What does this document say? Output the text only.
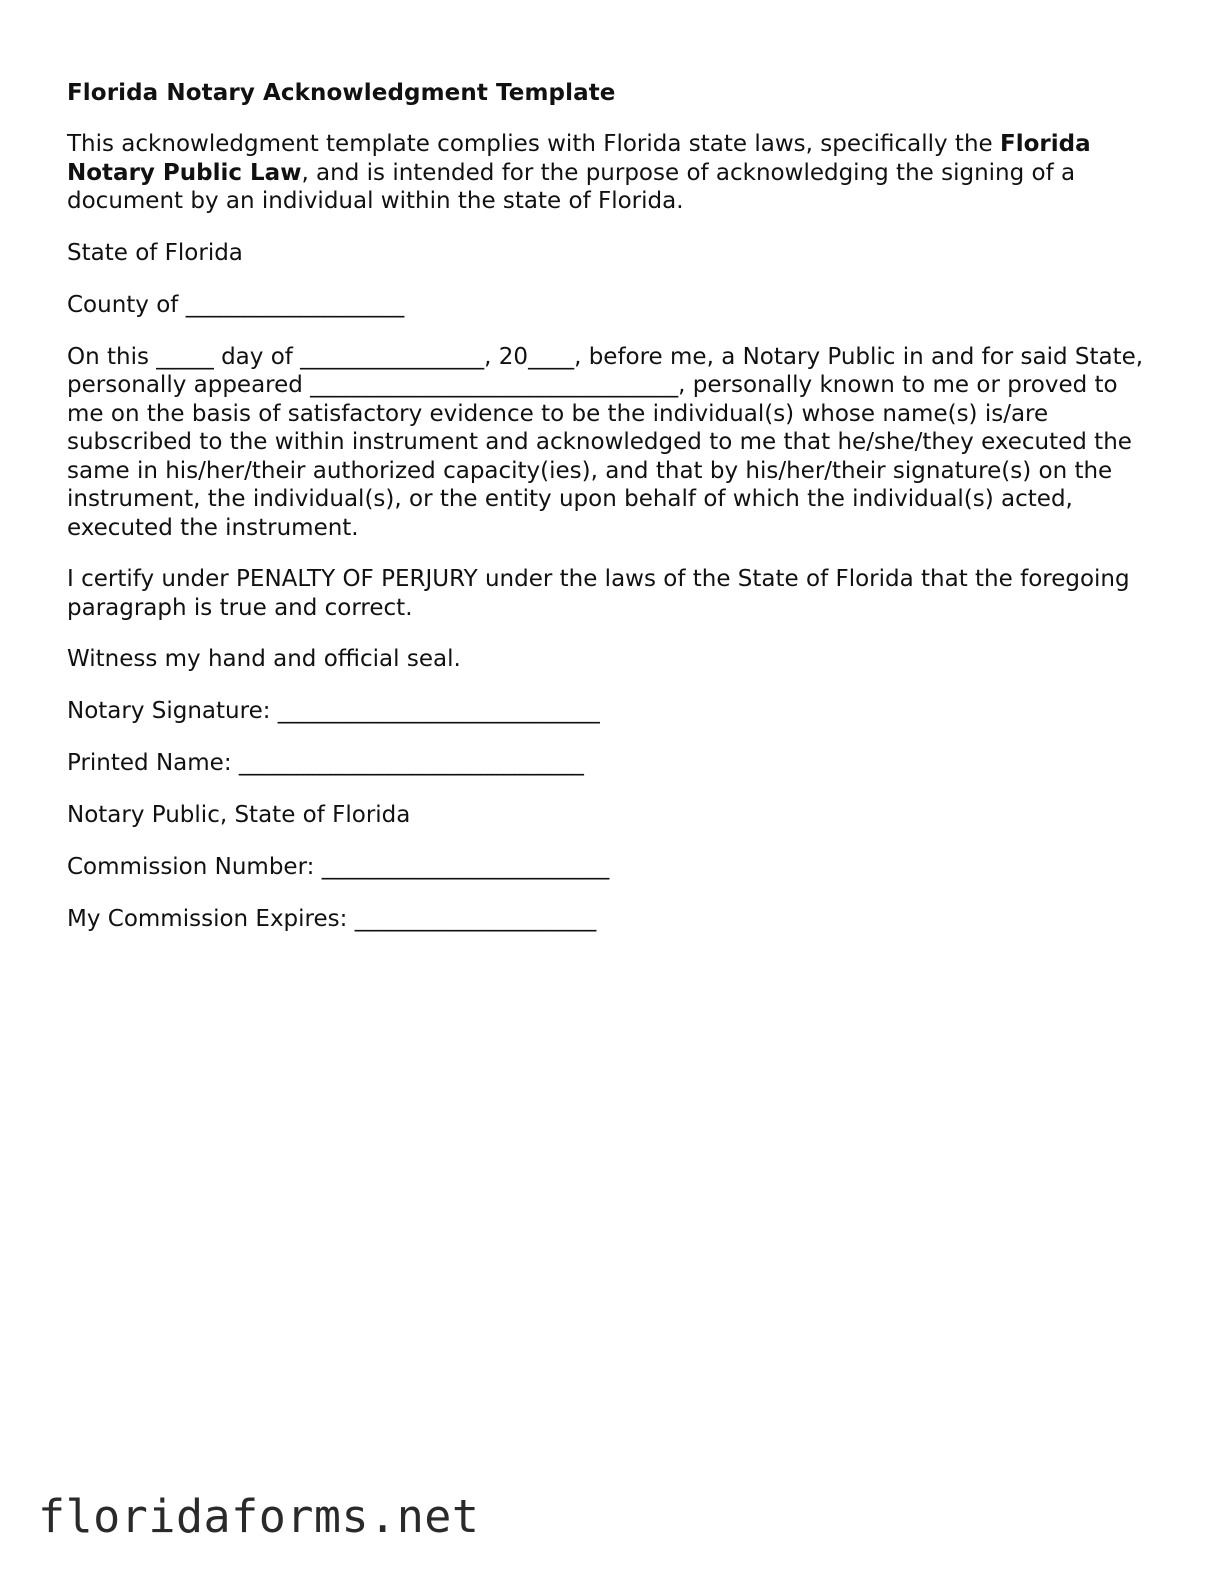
Florida Notary Acknowledgment Template

This acknowledgment template complies with Florida state laws, specifically the Florida Notary Public Law, and is intended for the purpose of acknowledging the signing of a document by an individual within the state of Florida.

State of Florida
County of ___________________

On this _____ day of ________________, 20____, before me, a Notary Public in and for said State, personally appeared ________________________________, personally known to me or proved to me on the basis of satisfactory evidence to be the individual(s) whose name(s) is/are subscribed to the within instrument and acknowledged to me that he/she/they executed the same in his/her/their authorized capacity(ies), and that by his/her/their signature(s) on the instrument, the individual(s), or the entity upon behalf of which the individual(s) acted, executed the instrument.

I certify under PENALTY OF PERJURY under the laws of the State of Florida that the foregoing paragraph is true and correct.

Witness my hand and official seal.
Notary Signature: ____________________________
Printed Name: ______________________________
Notary Public, State of Florida
Commission Number: _________________________
My Commission Expires: _____________________
floridaforms.net
